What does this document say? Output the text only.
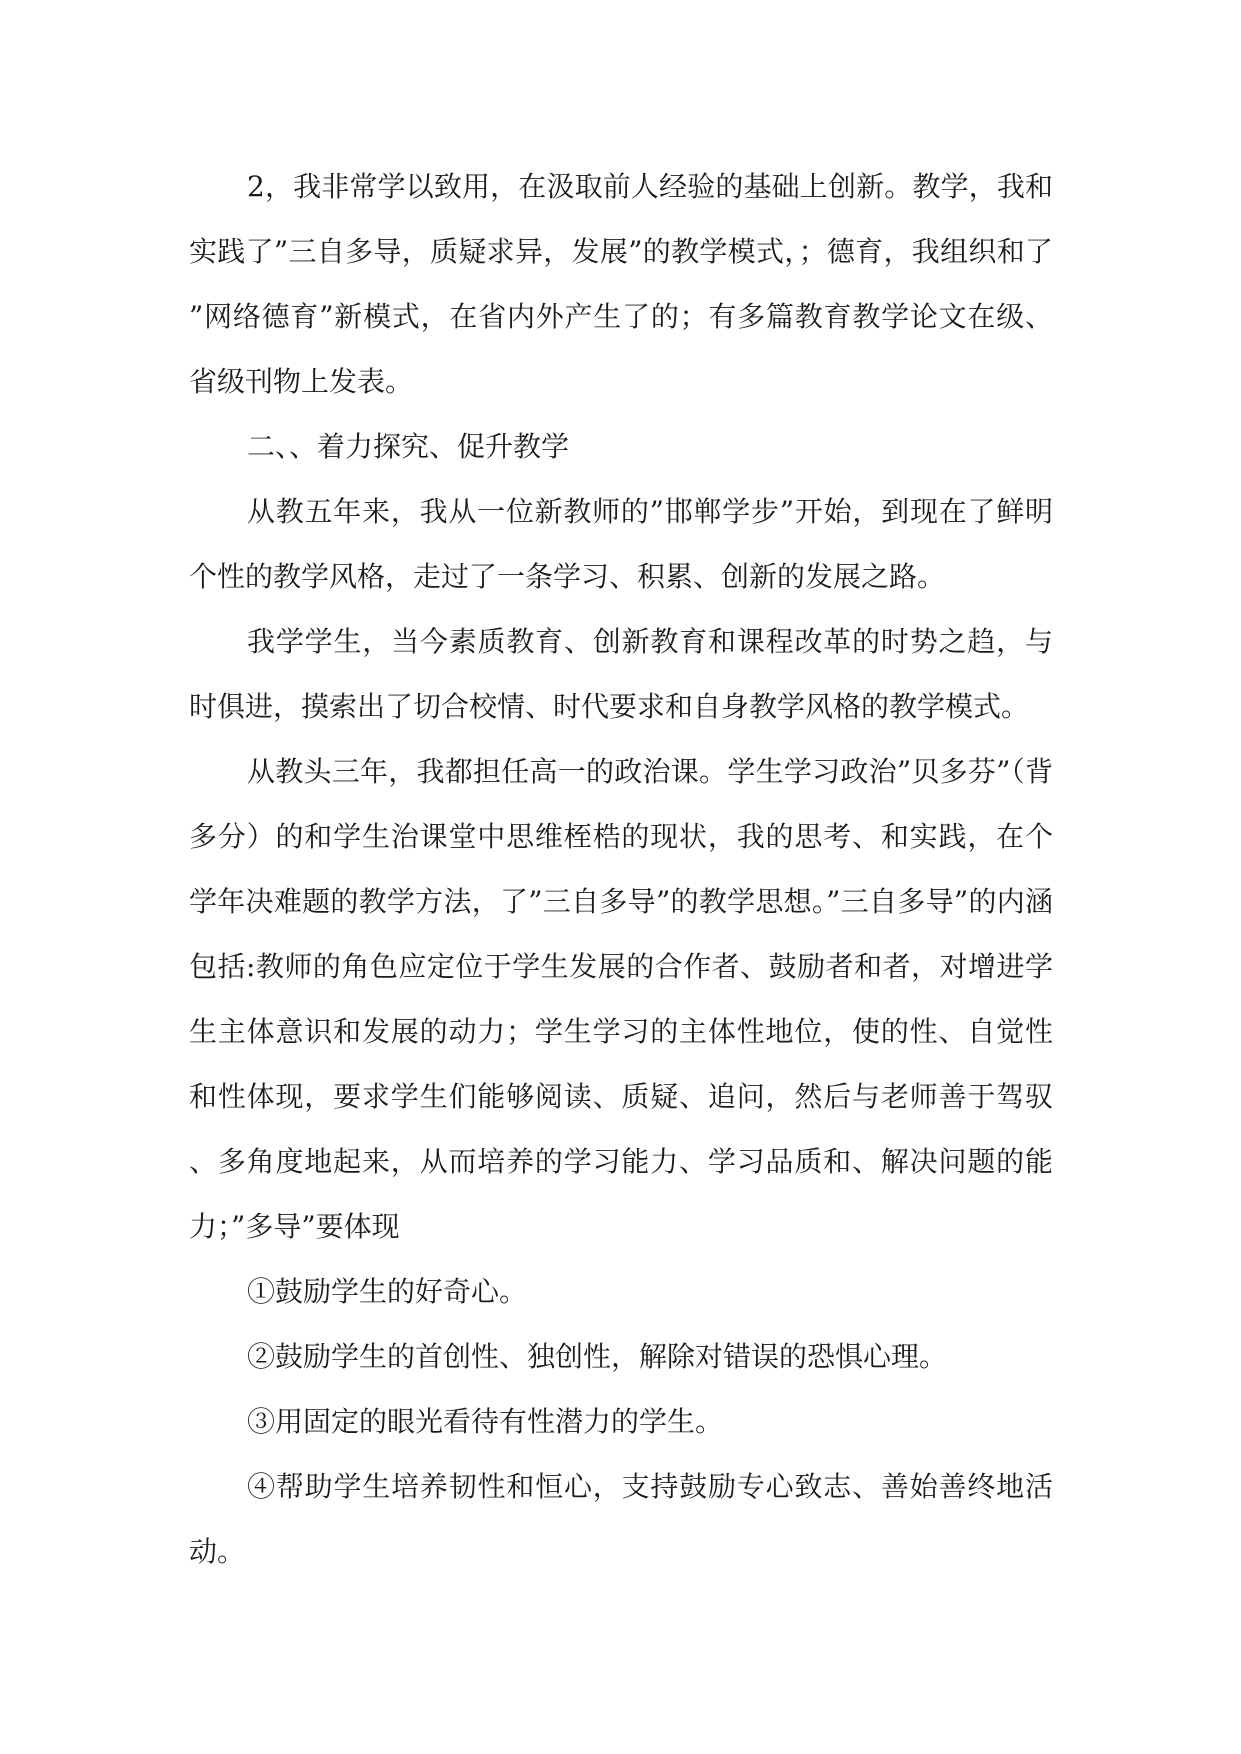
2，我非常学以致用，在汲取前人经验的基础上创新。教学，我和实践了”三自多导，质疑求异，发展”的教学模式，；德育，我组织和了”网络德育”新模式，在省内外产生了的；有多篇教育教学论文在级、省级刊物上发表。

二、、着力探究、促升教学

从教五年来，我从一位新教师的”邯郸学步”开始，到现在了鲜明个性的教学风格，走过了一条学习、积累、创新的发展之路。

我学学生，当今素质教育、创新教育和课程改革的时势之趋，与时俱进，摸索出了切合校情、时代要求和自身教学风格的教学模式。

从教头三年，我都担任高一的政治课。学生学习政治”贝多芬”（背多分）的和学生治课堂中思维桎梏的现状，我的思考、和实践，在个学年决难题的教学方法，了”三自多导”的教学思想。”三自多导”的内涵包括:教师的角色应定位于学生发展的合作者、鼓励者和者，对增进学生主体意识和发展的动力；学生学习的主体性地位，使的性、自觉性和性体现，要求学生们能够阅读、质疑、追问，然后与老师善于驾驭、多角度地起来，从而培养的学习能力、学习品质和、解决问题的能力；”多导”要体现

①鼓励学生的好奇心。

②鼓励学生的首创性、独创性，解除对错误的恐惧心理。

③用固定的眼光看待有性潜力的学生。

④帮助学生培养韧性和恒心，支持鼓励专心致志、善始善终地活动。
